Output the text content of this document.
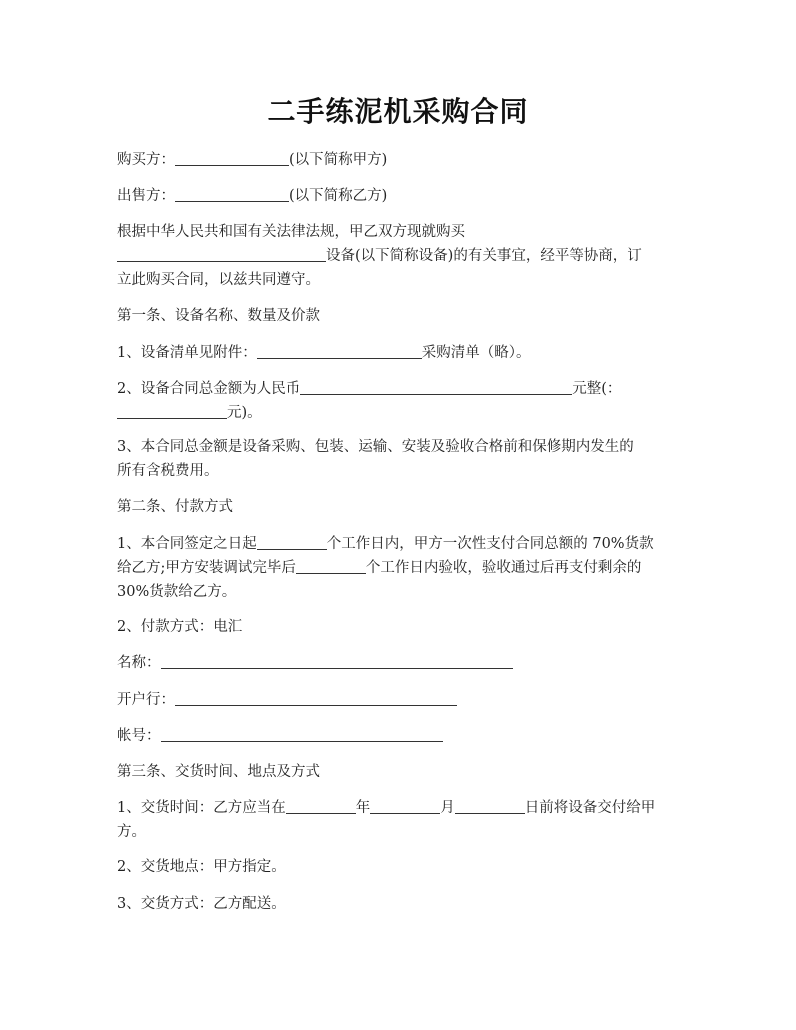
二手练泥机采购合同
购买方：	(以下简称甲方)
出售方：	(以下简称乙方)
根据中华人民共和国有关法律法规，甲乙双方现就购买
设备(以下简称设备)的有关事宜，经平等协商，订
立此购买合同，以兹共同遵守。
第一条、设备名称、数量及价款
1、设备清单见附件：	采购清单（略）。
2、设备合同总金额为人民币	元整(：
元)。
3、本合同总金额是设备采购、包装、运输、安装及验收合格前和保修期内发生的
所有含税费用。
第二条、付款方式
1、本合同签定之日起	个工作日内，甲方一次性支付合同总额的 70%货款
给乙方;甲方安装调试完毕后	个工作日内验收，验收通过后再支付剩余的
30%货款给乙方。
2、付款方式：电汇
名称：
开户行：
帐号：
第三条、交货时间、地点及方式
1、交货时间：乙方应当在	年	月	日前将设备交付给甲
方。
2、交货地点：甲方指定。
3、交货方式：乙方配送。
